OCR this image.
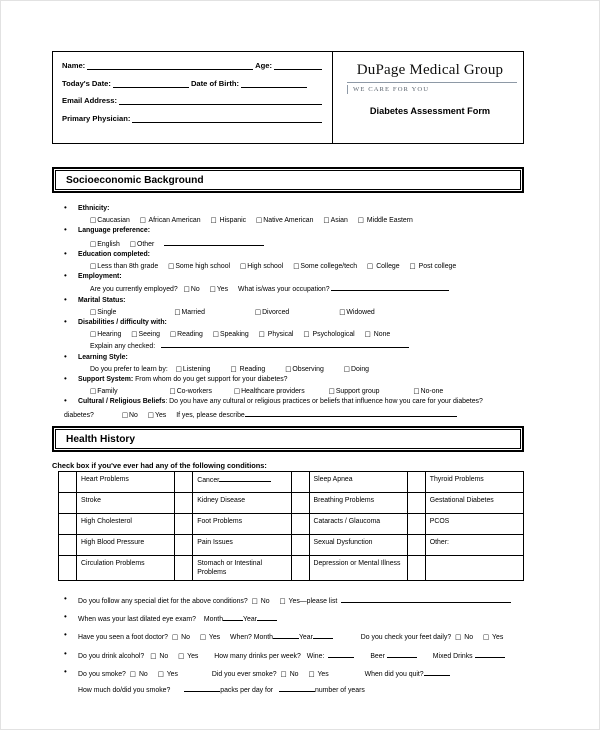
Name:	Age:
Today's Date:	Date of Birth:
Email Address:
Primary Physician:
DuPage Medical Group
WE CARE FOR YOU
Diabetes Assessment Form
Socioeconomic Background
• Ethnicity:
□Caucasian □ African American □ Hispanic □Native American □Asian □ Middle Eastern
• Language preference:
□English □Other
• Education completed:
□Less than 8th grade □Some high school □High school □Some college/tech □ College □ Post college
• Employment:
Are you currently employed? □No □Yes What is/was your occupation?
• Marital Status:
□Single	□Married	□Divorced	□Widowed
• Disabilities / difficulty with:
□Hearing □Seeing □Reading □Speaking □ Physical □ Psychological □ None
Explain any checked:
• Learning Style:
Do you prefer to learn by: □Listening	□ Reading	□Observing	□Doing
• Support System: From whom do you get support for your diabetes?
□Family	□Co-workers	□Healthcare providers	□Support group	□No-one
• Cultural / Religious Beliefs: Do you have any cultural or religious practices or beliefs that influence how you care for your diabetes?
diabetes?	□No □Yes If yes, please describe
Health History
Check box if you've ever had any of the following conditions:
	Heart Problems		Cancer		Sleep Apnea		Thyroid Problems
	Stroke		Kidney Disease		Breathing Problems		Gestational Diabetes
	High Cholesterol		Foot Problems		Cataracts / Glaucoma		PCOS
	High Blood Pressure		Pain Issues		Sexual Dysfunction		Other:
	Circulation Problems		Stomach or Intestinal Problems		Depression or Mental Illness		
• Do you follow any special diet for the above conditions? □ No □ Yes—please list
• When was your last dilated eye exam? Month	Year
• Have you seen a foot doctor? □ No □ Yes When? Month	Year	Do you check your feet daily? □ No □ Yes
• Do you drink alcohol? □ No □ Yes How many drinks per week? Wine:	Beer	Mixed Drinks
• Do you smoke? □ No □ Yes	Did you ever smoke? □ No □ Yes	When did you quit?
How much do/did you smoke?	packs per day for	number of years
